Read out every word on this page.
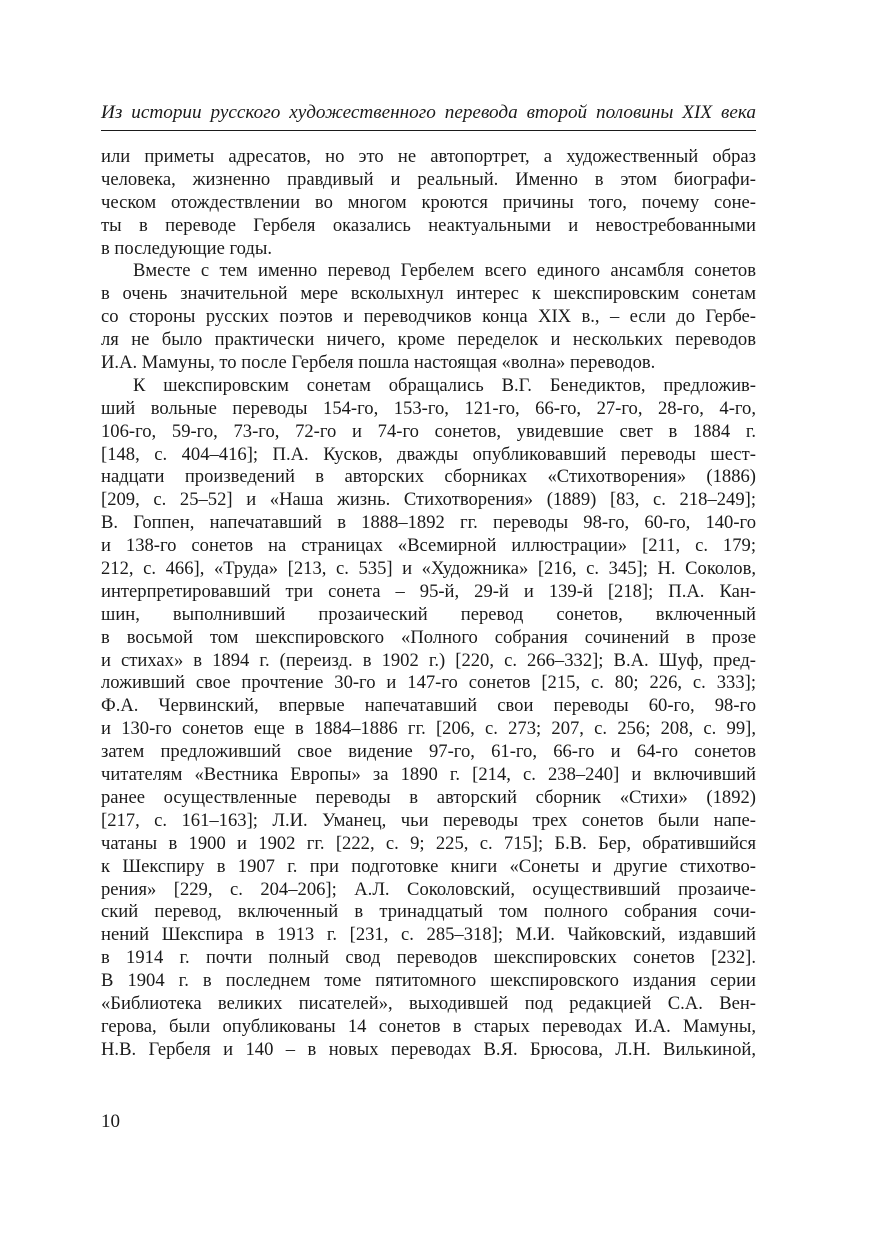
Из истории русского художественного перевода второй половины XIX века
или приметы адресатов, но это не автопортрет, а художественный образ
человека, жизненно правдивый и реальный. Именно в этом биографи-
ческом отождествлении во многом кроются причины того, почему соне-
ты в переводе Гербеля оказались неактуальными и невостребованными
в последующие годы.
Вместе с тем именно перевод Гербелем всего единого ансамбля сонетов
в очень значительной мере всколыхнул интерес к шекспировским сонетам
со стороны русских поэтов и переводчиков конца XIX в., – если до Гербе-
ля не было практически ничего, кроме переделок и нескольких переводов
И.А. Мамуны, то после Гербеля пошла настоящая «волна» переводов.
К шекспировским сонетам обращались В.Г. Бенедиктов, предложив-
ший вольные переводы 154-го, 153-го, 121-го, 66-го, 27-го, 28-го, 4-го,
106-го, 59-го, 73-го, 72-го и 74-го сонетов, увидевшие свет в 1884 г.
[148, с. 404–416]; П.А. Кусков, дважды опубликовавший переводы шест-
надцати произведений в авторских сборниках «Стихотворения» (1886)
[209, с. 25–52] и «Наша жизнь. Стихотворения» (1889) [83, с. 218–249];
В. Гоппен, напечатавший в 1888–1892 гг. переводы 98-го, 60-го, 140-го
и 138-го сонетов на страницах «Всемирной иллюстрации» [211, с. 179;
212, с. 466], «Труда» [213, с. 535] и «Художника» [216, с. 345]; Н. Соколов,
интерпретировавший три сонета – 95-й, 29-й и 139-й [218]; П.А. Кан-
шин, выполнивший прозаический перевод сонетов, включенный
в восьмой том шекспировского «Полного собрания сочинений в прозе
и стихах» в 1894 г. (переизд. в 1902 г.) [220, с. 266–332]; В.А. Шуф, пред-
ложивший свое прочтение 30-го и 147-го сонетов [215, с. 80; 226, с. 333];
Ф.А. Червинский, впервые напечатавший свои переводы 60-го, 98-го
и 130-го сонетов еще в 1884–1886 гг. [206, с. 273; 207, с. 256; 208, с. 99],
затем предложивший свое видение 97-го, 61-го, 66-го и 64-го сонетов
читателям «Вестника Европы» за 1890 г. [214, с. 238–240] и включивший
ранее осуществленные переводы в авторский сборник «Стихи» (1892)
[217, с. 161–163]; Л.И. Уманец, чьи переводы трех сонетов были напе-
чатаны в 1900 и 1902 гг. [222, с. 9; 225, с. 715]; Б.В. Бер, обратившийся
к Шекспиру в 1907 г. при подготовке книги «Сонеты и другие стихотво-
рения» [229, с. 204–206]; А.Л. Соколовский, осуществивший прозаиче-
ский перевод, включенный в тринадцатый том полного собрания сочи-
нений Шекспира в 1913 г. [231, с. 285–318]; М.И. Чайковский, издавший
в 1914 г. почти полный свод переводов шекспировских сонетов [232].
В 1904 г. в последнем томе пятитомного шекспировского издания серии
«Библиотека великих писателей», выходившей под редакцией С.А. Вен-
герова, были опубликованы 14 сонетов в старых переводах И.А. Мамуны,
Н.В. Гербеля и 140 – в новых переводах В.Я. Брюсова, Л.Н. Вилькиной,
10
